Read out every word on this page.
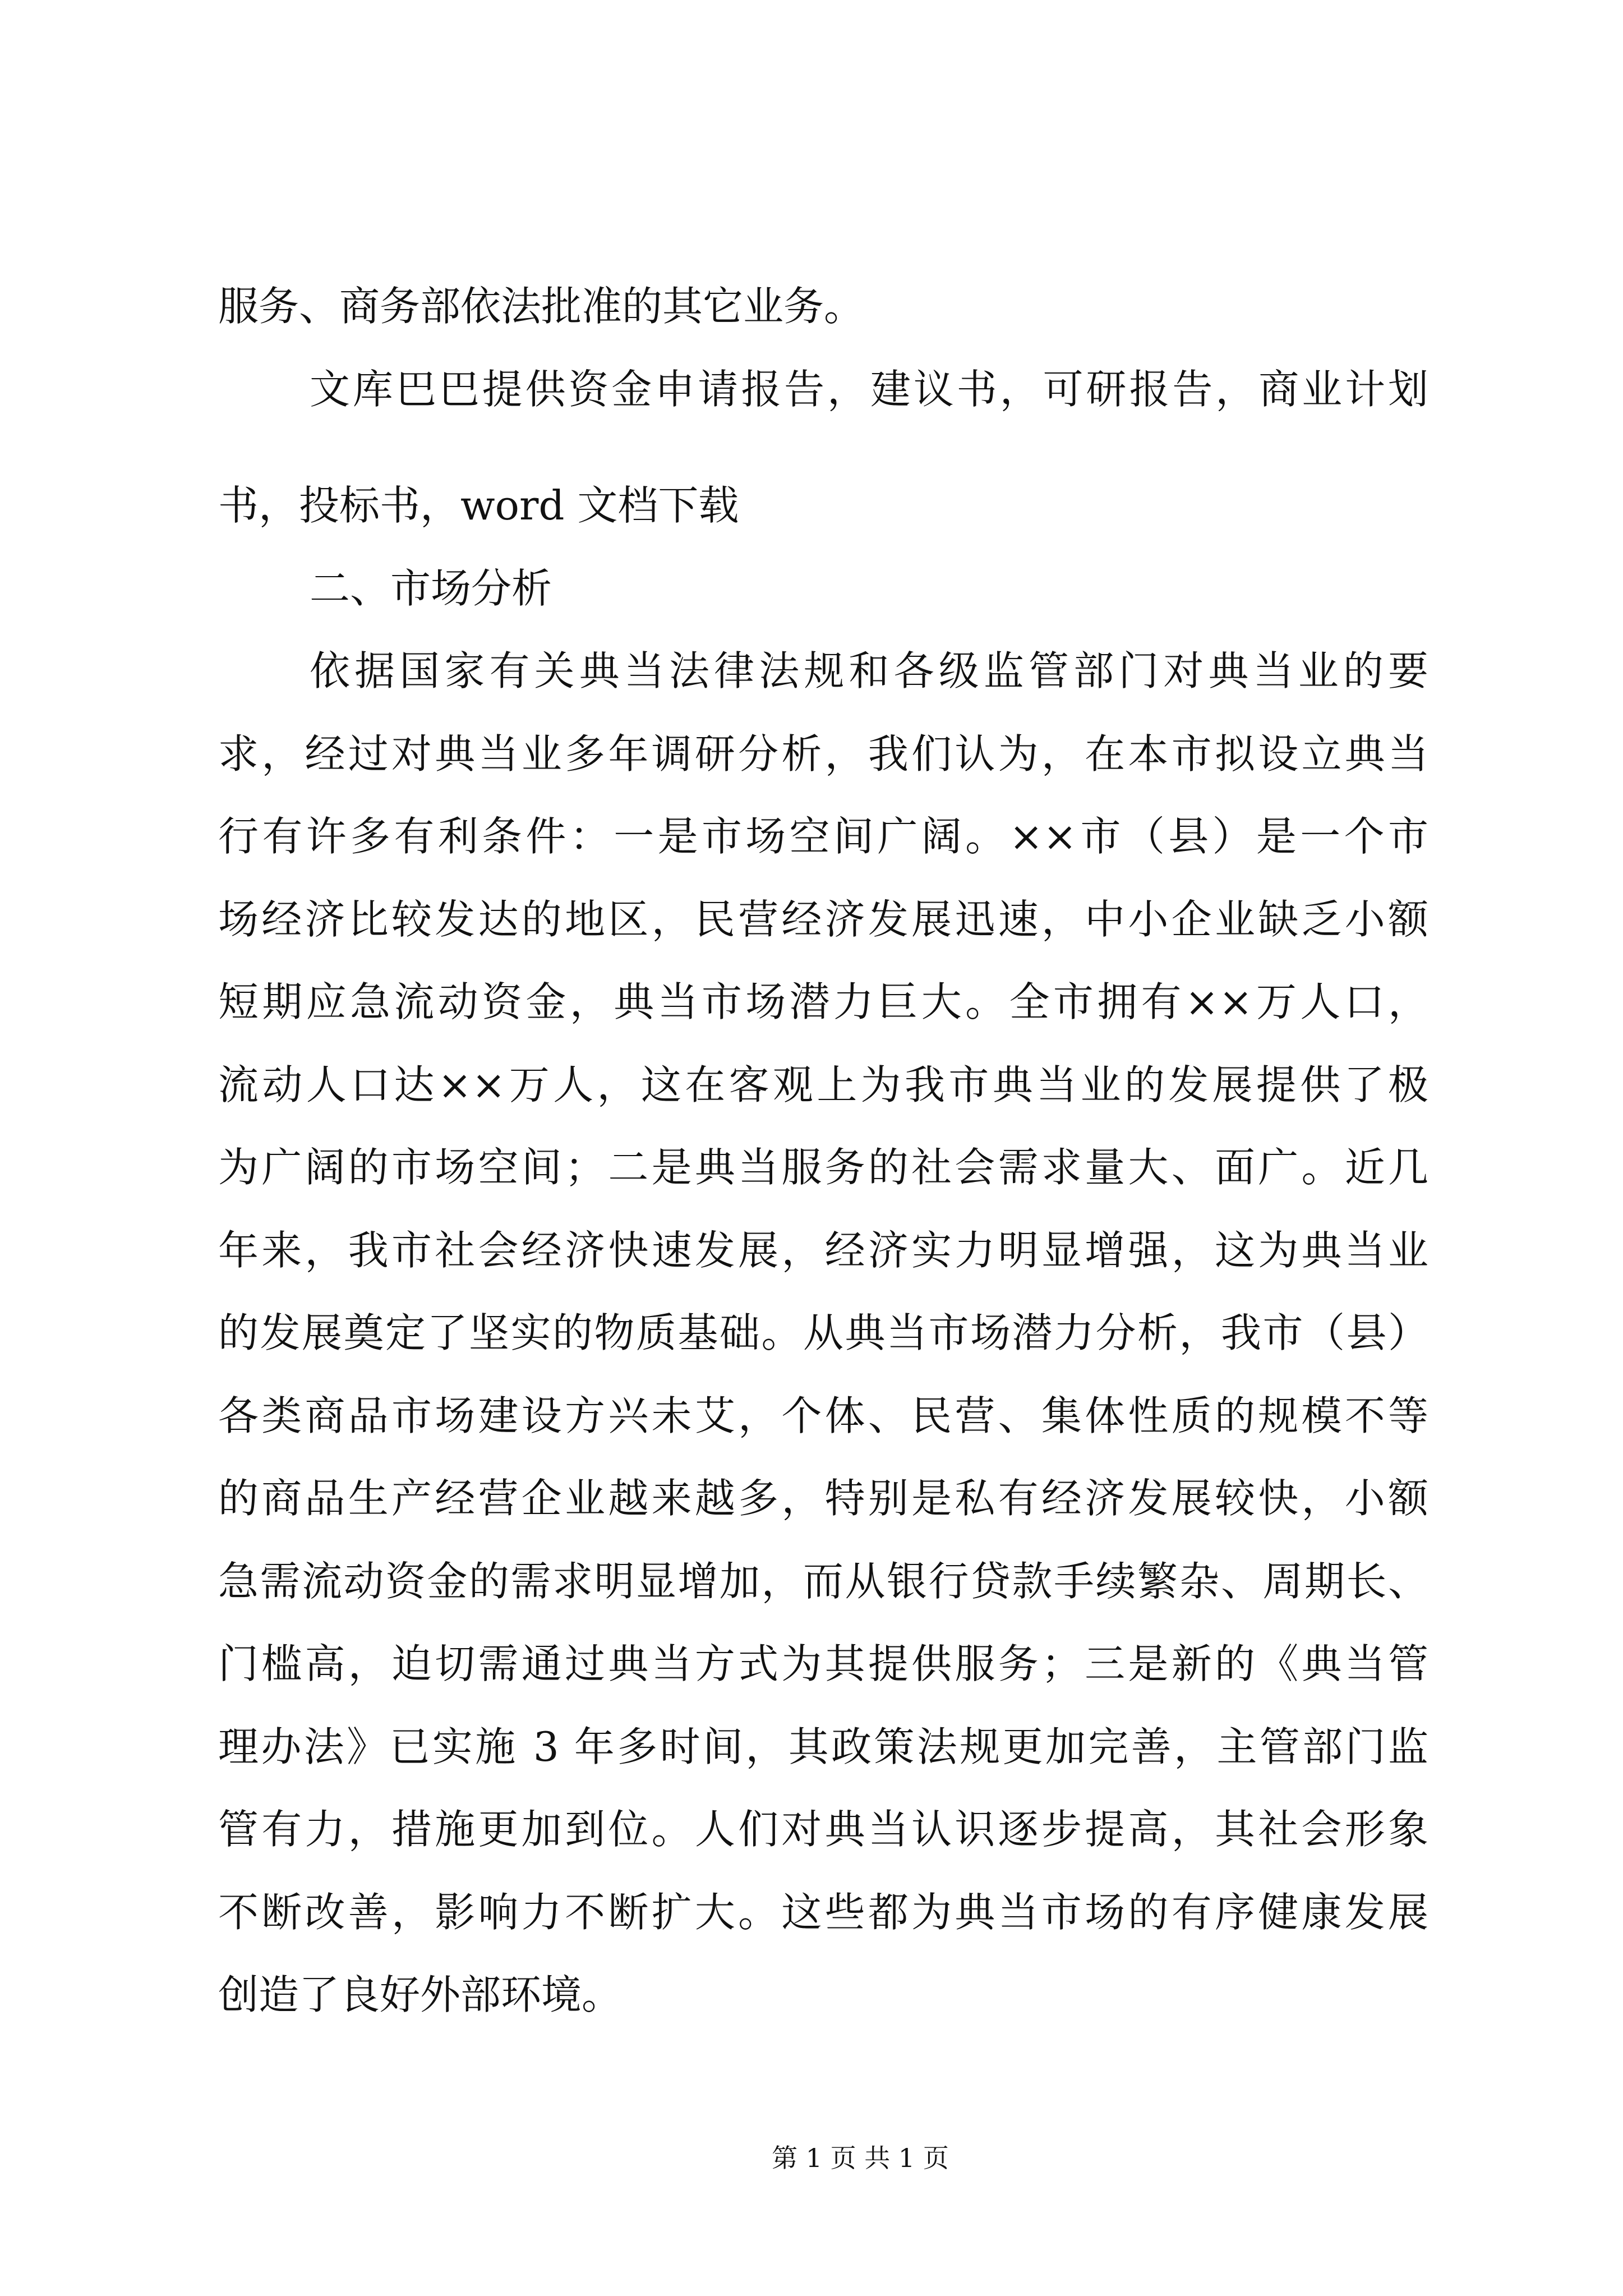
服务、商务部依法批准的其它业务。
文库巴巴提供资金申请报告，建议书，可研报告，商业计划
书，投标书，word 文档下载
二、市场分析
依据国家有关典当法律法规和各级监管部门对典当业的要
求，经过对典当业多年调研分析，我们认为，在本市拟设立典当
行有许多有利条件：一是市场空间广阔。××市（县）是一个市
场经济比较发达的地区，民营经济发展迅速，中小企业缺乏小额
短期应急流动资金，典当市场潜力巨大。全市拥有××万人口，
流动人口达××万人，这在客观上为我市典当业的发展提供了极
为广阔的市场空间；二是典当服务的社会需求量大、面广。近几
年来，我市社会经济快速发展，经济实力明显增强，这为典当业
的发展奠定了坚实的物质基础。从典当市场潜力分析，我市（县）
各类商品市场建设方兴未艾，个体、民营、集体性质的规模不等
的商品生产经营企业越来越多，特别是私有经济发展较快，小额
急需流动资金的需求明显增加，而从银行贷款手续繁杂、周期长、
门槛高，迫切需通过典当方式为其提供服务；三是新的《典当管
理办法》已实施 3 年多时间，其政策法规更加完善，主管部门监
管有力，措施更加到位。人们对典当认识逐步提高，其社会形象
不断改善，影响力不断扩大。这些都为典当市场的有序健康发展
创造了良好外部环境。
第 1 页 共 1 页
